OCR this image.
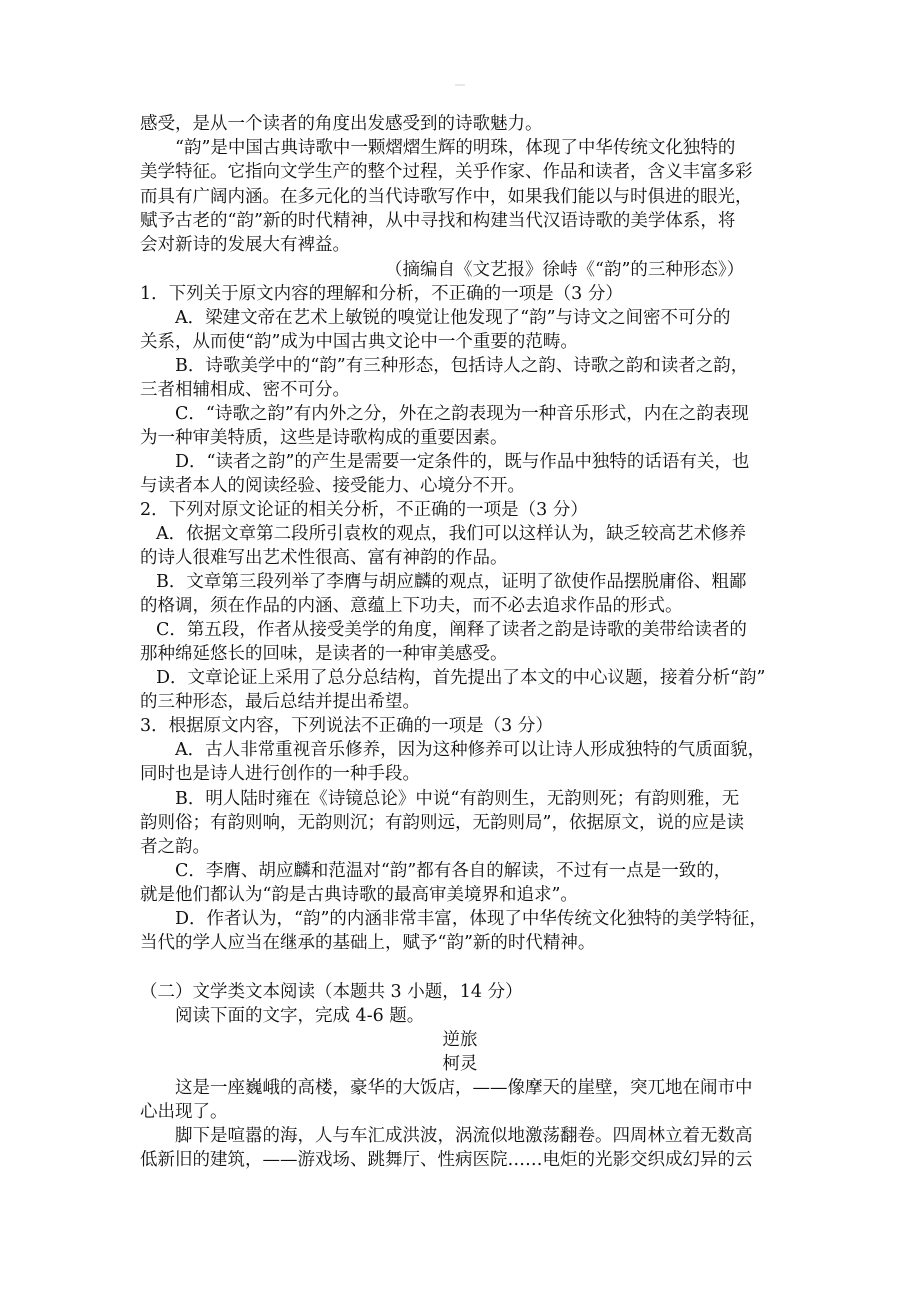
感受，是从一个读者的角度出发感受到的诗歌魅力。

“韵”是中国古典诗歌中一颗熠熠生辉的明珠，体现了中华传统文化独特的

美学特征。它指向文学生产的整个过程，关乎作家、作品和读者，含义丰富多彩

而具有广阔内涵。在多元化的当代诗歌写作中，如果我们能以与时俱进的眼光，

赋予古老的“韵”新的时代精神，从中寻找和构建当代汉语诗歌的美学体系，将

会对新诗的发展大有裨益。

（摘编自《文艺报》徐峙《“韵”的三种形态》）

1．下列关于原文内容的理解和分析，不正确的一项是（3 分）

A．梁建文帝在艺术上敏锐的嗅觉让他发现了“韵”与诗文之间密不可分的

关系，从而使“韵”成为中国古典文论中一个重要的范畴。

B．诗歌美学中的“韵”有三种形态，包括诗人之韵、诗歌之韵和读者之韵，

三者相辅相成、密不可分。

C．“诗歌之韵”有内外之分，外在之韵表现为一种音乐形式，内在之韵表现

为一种审美特质，这些是诗歌构成的重要因素。

D．“读者之韵”的产生是需要一定条件的，既与作品中独特的话语有关，也

与读者本人的阅读经验、接受能力、心境分不开。

2．下列对原文论证的相关分析，不正确的一项是（3 分）

A．依据文章第二段所引袁枚的观点，我们可以这样认为，缺乏较高艺术修养

的诗人很难写出艺术性很高、富有神韵的作品。

B．文章第三段列举了李膺与胡应麟的观点，证明了欲使作品摆脱庸俗、粗鄙

的格调，须在作品的内涵、意蕴上下功夫，而不必去追求作品的形式。

C．第五段，作者从接受美学的角度，阐释了读者之韵是诗歌的美带给读者的

那种绵延悠长的回味，是读者的一种审美感受。

D．文章论证上采用了总分总结构，首先提出了本文的中心议题，接着分析“韵”

的三种形态，最后总结并提出希望。

3．根据原文内容，下列说法不正确的一项是（3 分）

A．古人非常重视音乐修养，因为这种修养可以让诗人形成独特的气质面貌，

同时也是诗人进行创作的一种手段。

B．明人陆时雍在《诗镜总论》中说“有韵则生，无韵则死；有韵则雅，无

韵则俗；有韵则响，无韵则沉；有韵则远，无韵则局”，依据原文，说的应是读

者之韵。

C．李膺、胡应麟和范温对“韵”都有各自的解读，不过有一点是一致的，

就是他们都认为“韵是古典诗歌的最高审美境界和追求”。

D．作者认为，“韵”的内涵非常丰富，体现了中华传统文化独特的美学特征，

当代的学人应当在继承的基础上，赋予“韵”新的时代精神。

（二）文学类文本阅读（本题共 3 小题，14 分）

阅读下面的文字，完成 4-6 题。

逆旅

柯灵

这是一座巍峨的高楼，豪华的大饭店，——像摩天的崖壁，突兀地在闹市中

心出现了。

脚下是喧嚣的海，人与车汇成洪波，涡流似地激荡翻卷。四周林立着无数高

低新旧的建筑，——游戏场、跳舞厅、性病医院……电炬的光影交织成幻异的云
